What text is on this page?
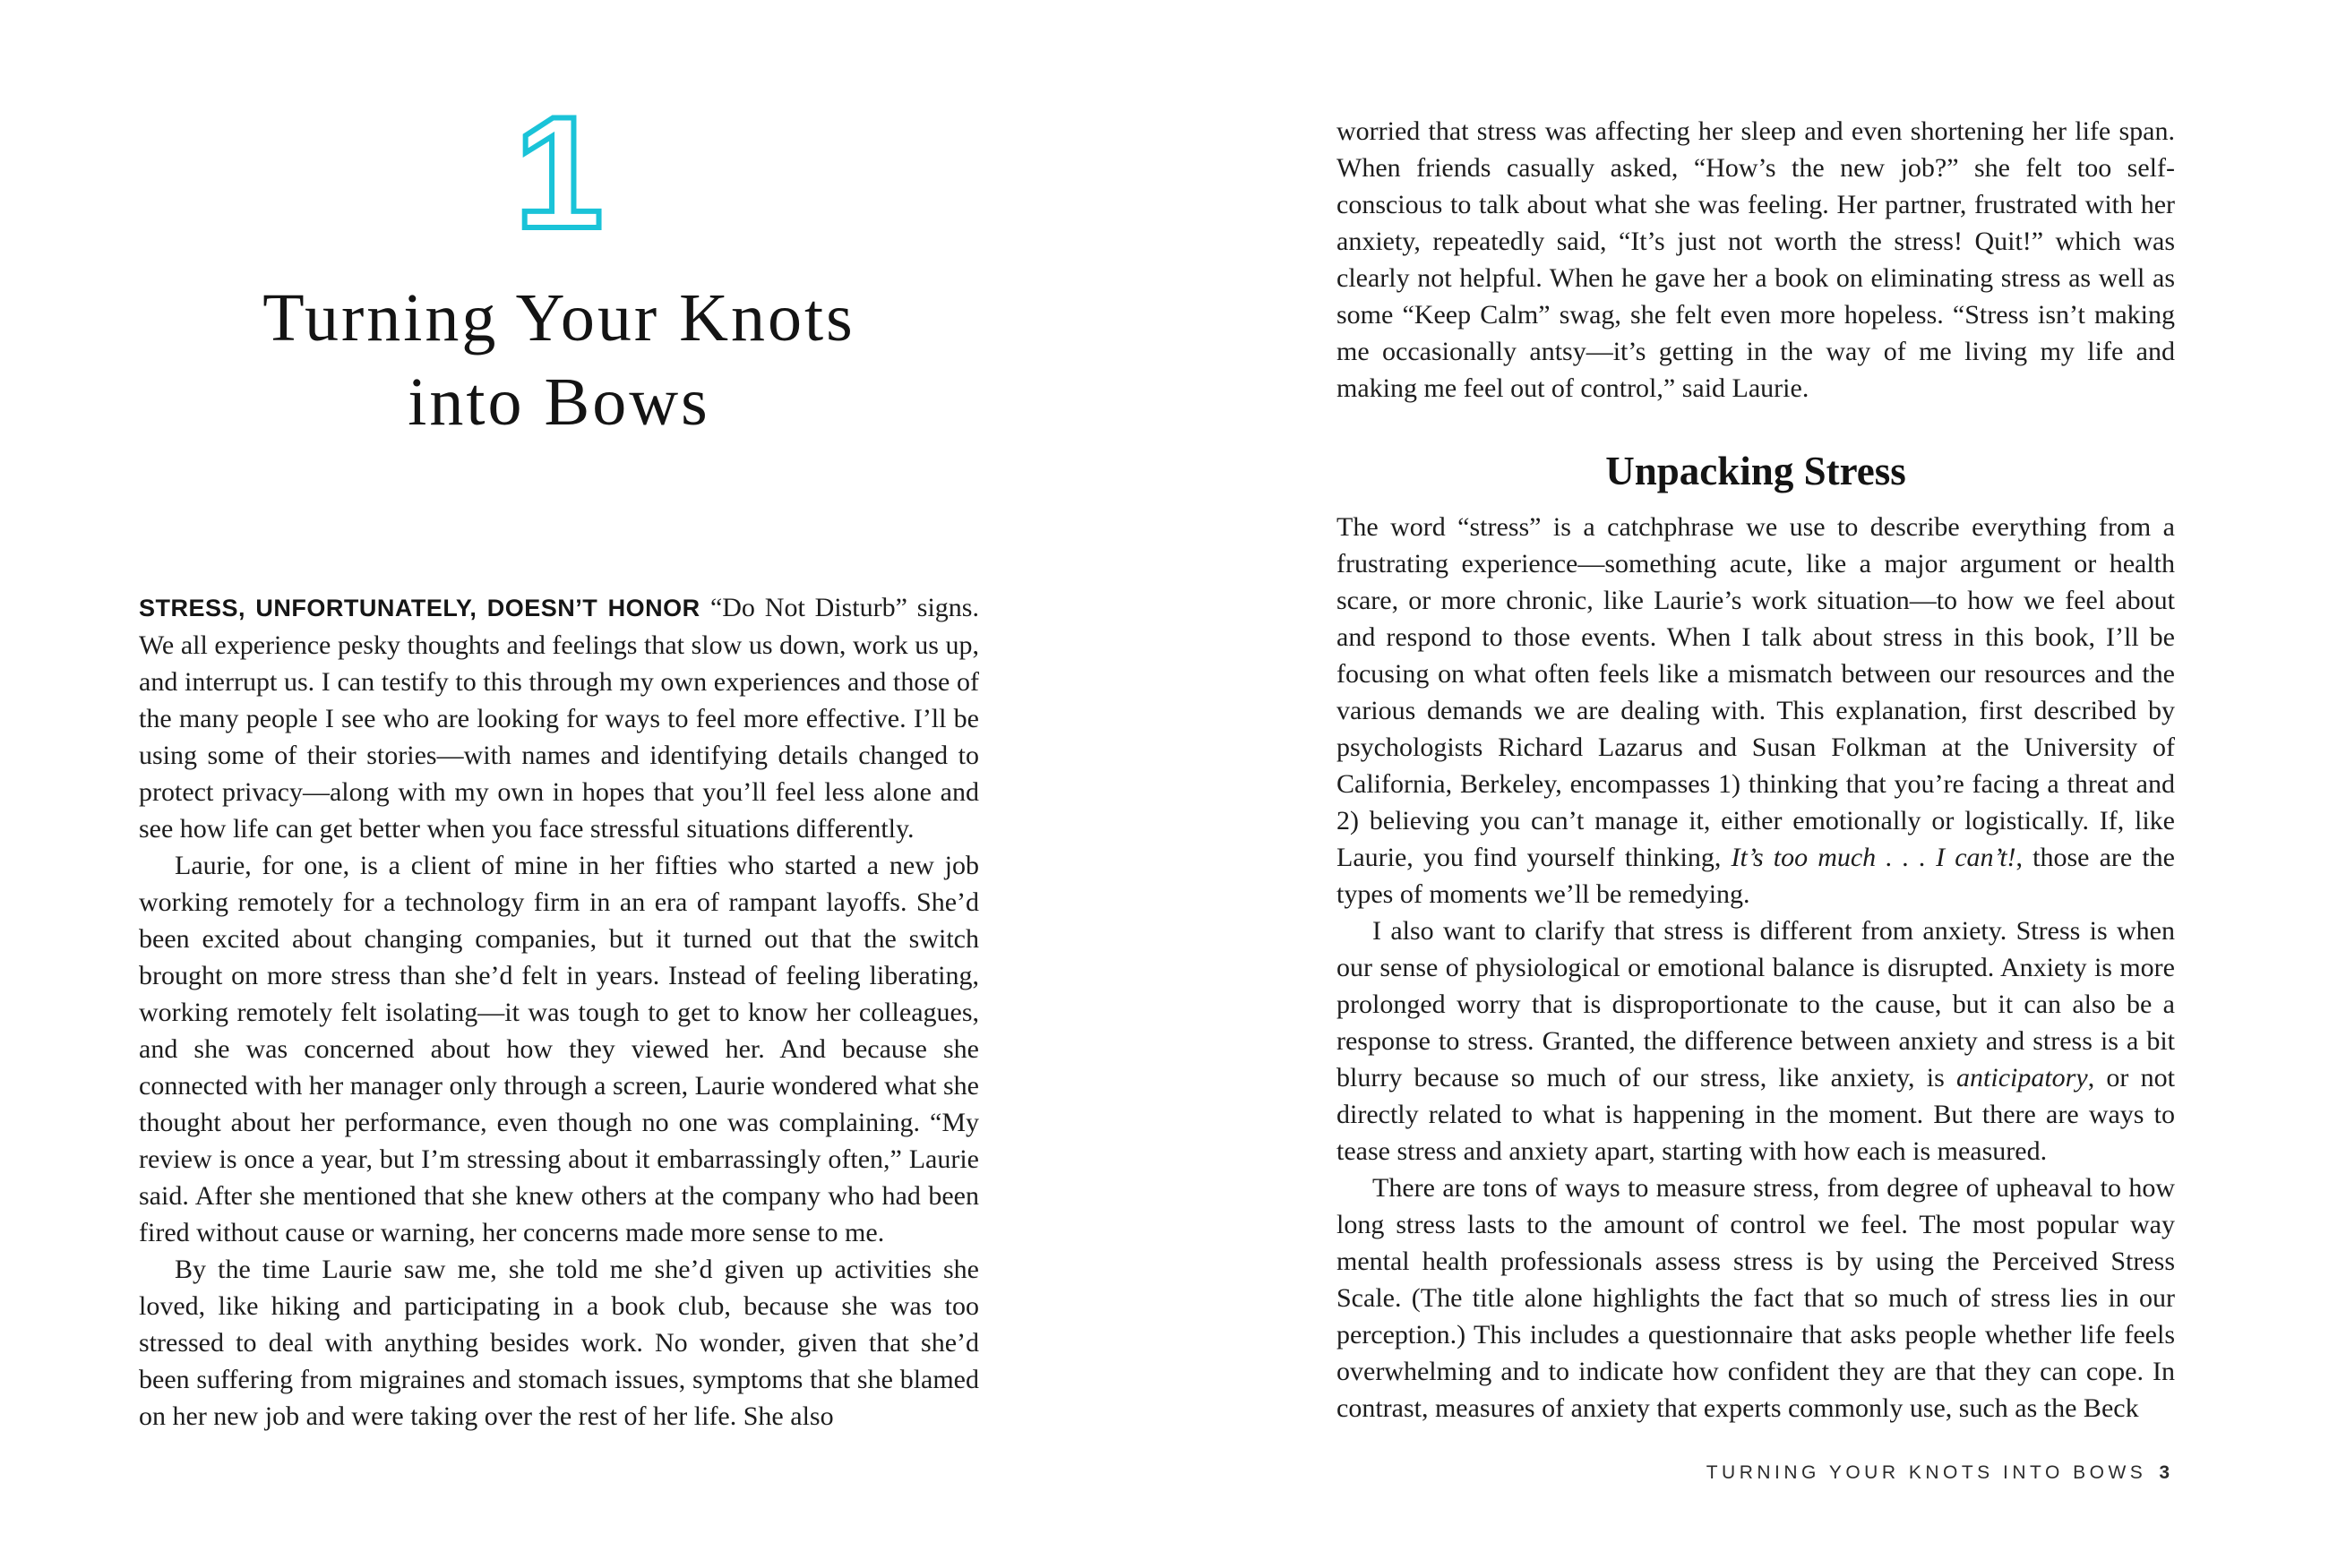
1
Turning Your Knots
into Bows

STRESS, UNFORTUNATELY, DOESN’T HONOR “Do Not Disturb” signs. We all experience pesky thoughts and feelings that slow us down, work us up, and interrupt us. I can testify to this through my own experiences and those of the many people I see who are looking for ways to feel more effective. I’ll be using some of their stories—with names and identifying details changed to protect privacy—along with my own in hopes that you’ll feel less alone and see how life can get better when you face stressful situations differently.

Laurie, for one, is a client of mine in her fifties who started a new job working remotely for a technology firm in an era of rampant layoffs. She’d been excited about changing companies, but it turned out that the switch brought on more stress than she’d felt in years. Instead of feeling liberating, working remotely felt isolating—it was tough to get to know her colleagues, and she was concerned about how they viewed her. And because she connected with her manager only through a screen, Laurie wondered what she thought about her performance, even though no one was complaining. “My review is once a year, but I’m stressing about it embarrassingly often,” Laurie said. After she mentioned that she knew others at the company who had been fired without cause or warning, her concerns made more sense to me.

By the time Laurie saw me, she told me she’d given up activities she loved, like hiking and participating in a book club, because she was too stressed to deal with anything besides work. No wonder, given that she’d been suffering from migraines and stomach issues, symptoms that she blamed on her new job and were taking over the rest of her life. She also

worried that stress was affecting her sleep and even shortening her life span. When friends casually asked, “How’s the new job?” she felt too self-conscious to talk about what she was feeling. Her partner, frustrated with her anxiety, repeatedly said, “It’s just not worth the stress! Quit!” which was clearly not helpful. When he gave her a book on eliminating stress as well as some “Keep Calm” swag, she felt even more hopeless. “Stress isn’t making me occasionally antsy—it’s getting in the way of me living my life and making me feel out of control,” said Laurie.

Unpacking Stress

The word “stress” is a catchphrase we use to describe everything from a frustrating experience—something acute, like a major argument or health scare, or more chronic, like Laurie’s work situation—to how we feel about and respond to those events. When I talk about stress in this book, I’ll be focusing on what often feels like a mismatch between our resources and the various demands we are dealing with. This explanation, first described by psychologists Richard Lazarus and Susan Folkman at the University of California, Berkeley, encompasses 1) thinking that you’re facing a threat and 2) believing you can’t manage it, either emotionally or logistically. If, like Laurie, you find yourself thinking, It’s too much . . . I can’t!, those are the types of moments we’ll be remedying.

I also want to clarify that stress is different from anxiety. Stress is when our sense of physiological or emotional balance is disrupted. Anxiety is more prolonged worry that is disproportionate to the cause, but it can also be a response to stress. Granted, the difference between anxiety and stress is a bit blurry because so much of our stress, like anxiety, is anticipatory, or not directly related to what is happening in the moment. But there are ways to tease stress and anxiety apart, starting with how each is measured.

There are tons of ways to measure stress, from degree of upheaval to how long stress lasts to the amount of control we feel. The most popular way mental health professionals assess stress is by using the Perceived Stress Scale. (The title alone highlights the fact that so much of stress lies in our perception.) This includes a questionnaire that asks people whether life feels overwhelming and to indicate how confident they are that they can cope. In contrast, measures of anxiety that experts commonly use, such as the Beck

TURNING YOUR KNOTS INTO BOWS 3
